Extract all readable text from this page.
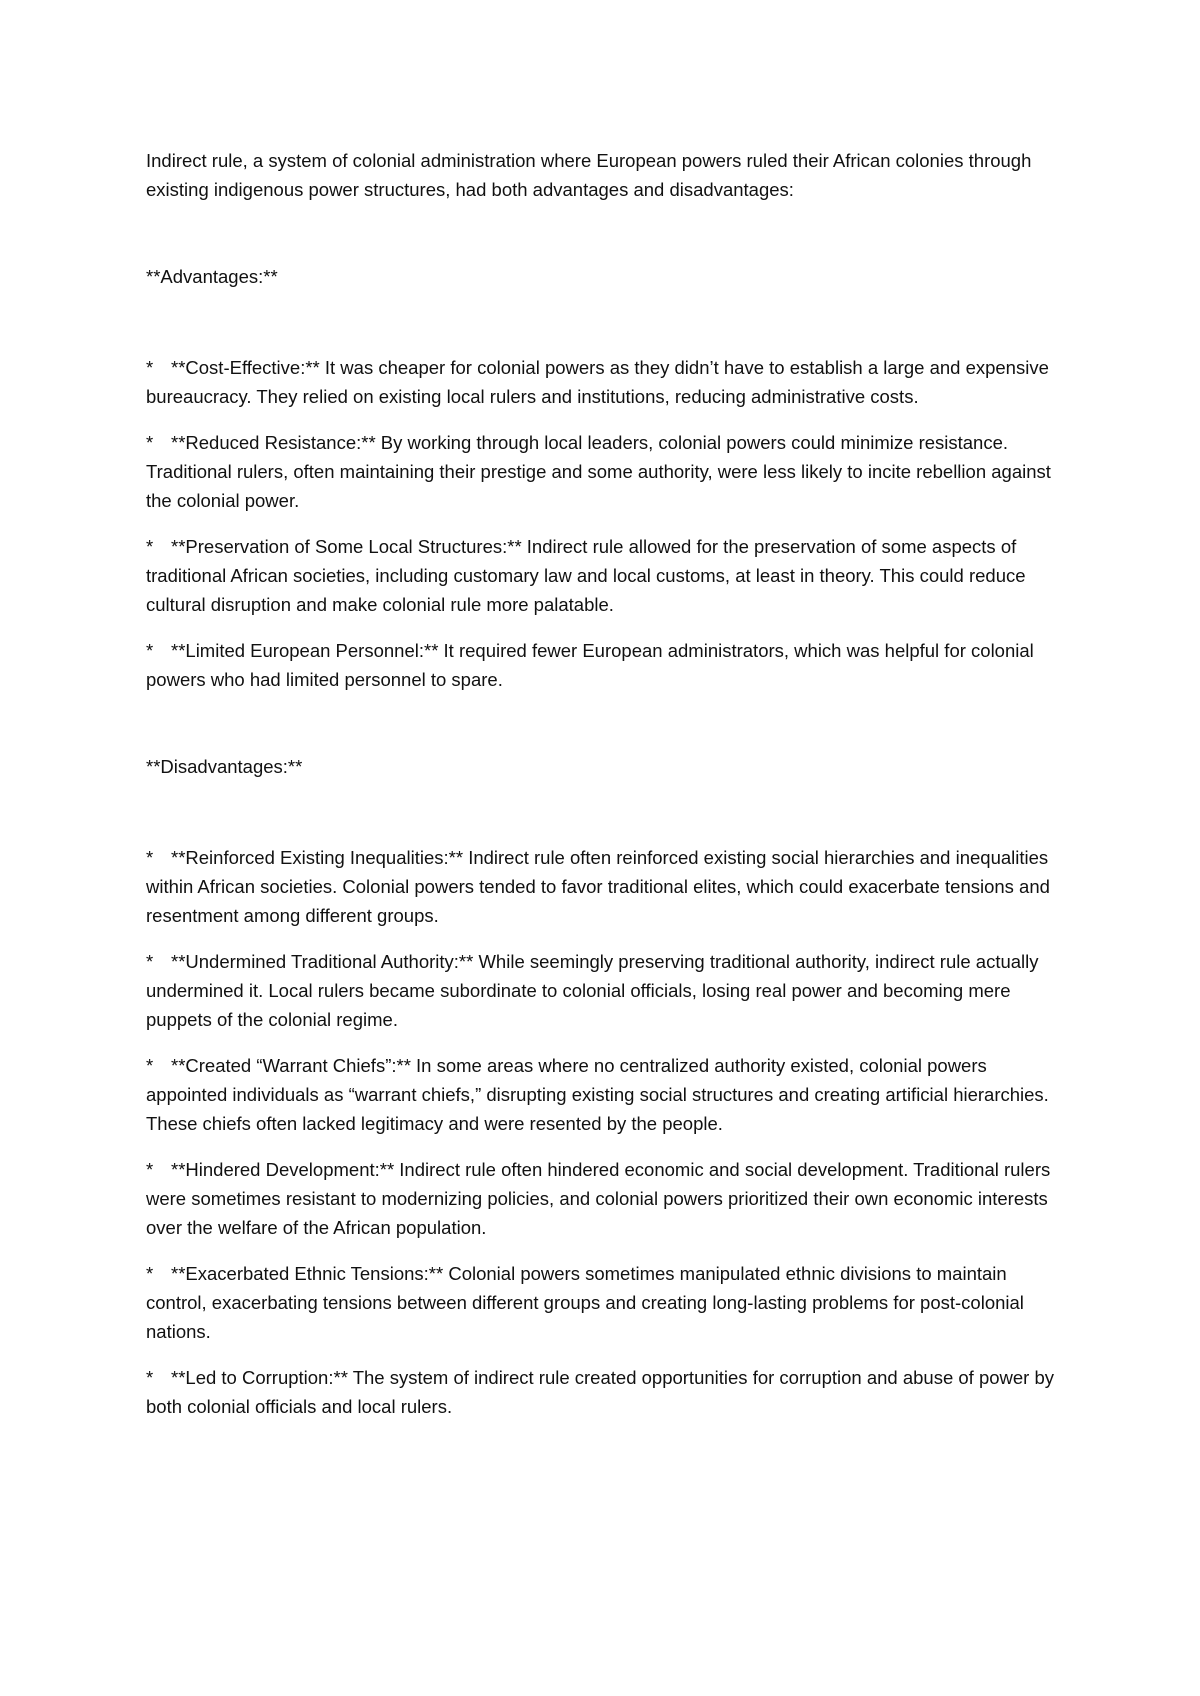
Indirect rule, a system of colonial administration where European powers ruled their African colonies through existing indigenous power structures, had both advantages and disadvantages:

**Advantages:**

* **Cost-Effective:** It was cheaper for colonial powers as they didn’t have to establish a large and expensive bureaucracy. They relied on existing local rulers and institutions, reducing administrative costs.
* **Reduced Resistance:** By working through local leaders, colonial powers could minimize resistance. Traditional rulers, often maintaining their prestige and some authority, were less likely to incite rebellion against the colonial power.
* **Preservation of Some Local Structures:** Indirect rule allowed for the preservation of some aspects of traditional African societies, including customary law and local customs, at least in theory. This could reduce cultural disruption and make colonial rule more palatable.
* **Limited European Personnel:** It required fewer European administrators, which was helpful for colonial powers who had limited personnel to spare.

**Disadvantages:**

* **Reinforced Existing Inequalities:** Indirect rule often reinforced existing social hierarchies and inequalities within African societies. Colonial powers tended to favor traditional elites, which could exacerbate tensions and resentment among different groups.
* **Undermined Traditional Authority:** While seemingly preserving traditional authority, indirect rule actually undermined it. Local rulers became subordinate to colonial officials, losing real power and becoming mere puppets of the colonial regime.
* **Created “Warrant Chiefs”:** In some areas where no centralized authority existed, colonial powers appointed individuals as “warrant chiefs,” disrupting existing social structures and creating artificial hierarchies. These chiefs often lacked legitimacy and were resented by the people.
* **Hindered Development:** Indirect rule often hindered economic and social development. Traditional rulers were sometimes resistant to modernizing policies, and colonial powers prioritized their own economic interests over the welfare of the African population.
* **Exacerbated Ethnic Tensions:** Colonial powers sometimes manipulated ethnic divisions to maintain control, exacerbating tensions between different groups and creating long-lasting problems for post-colonial nations.
* **Led to Corruption:** The system of indirect rule created opportunities for corruption and abuse of power by both colonial officials and local rulers.
